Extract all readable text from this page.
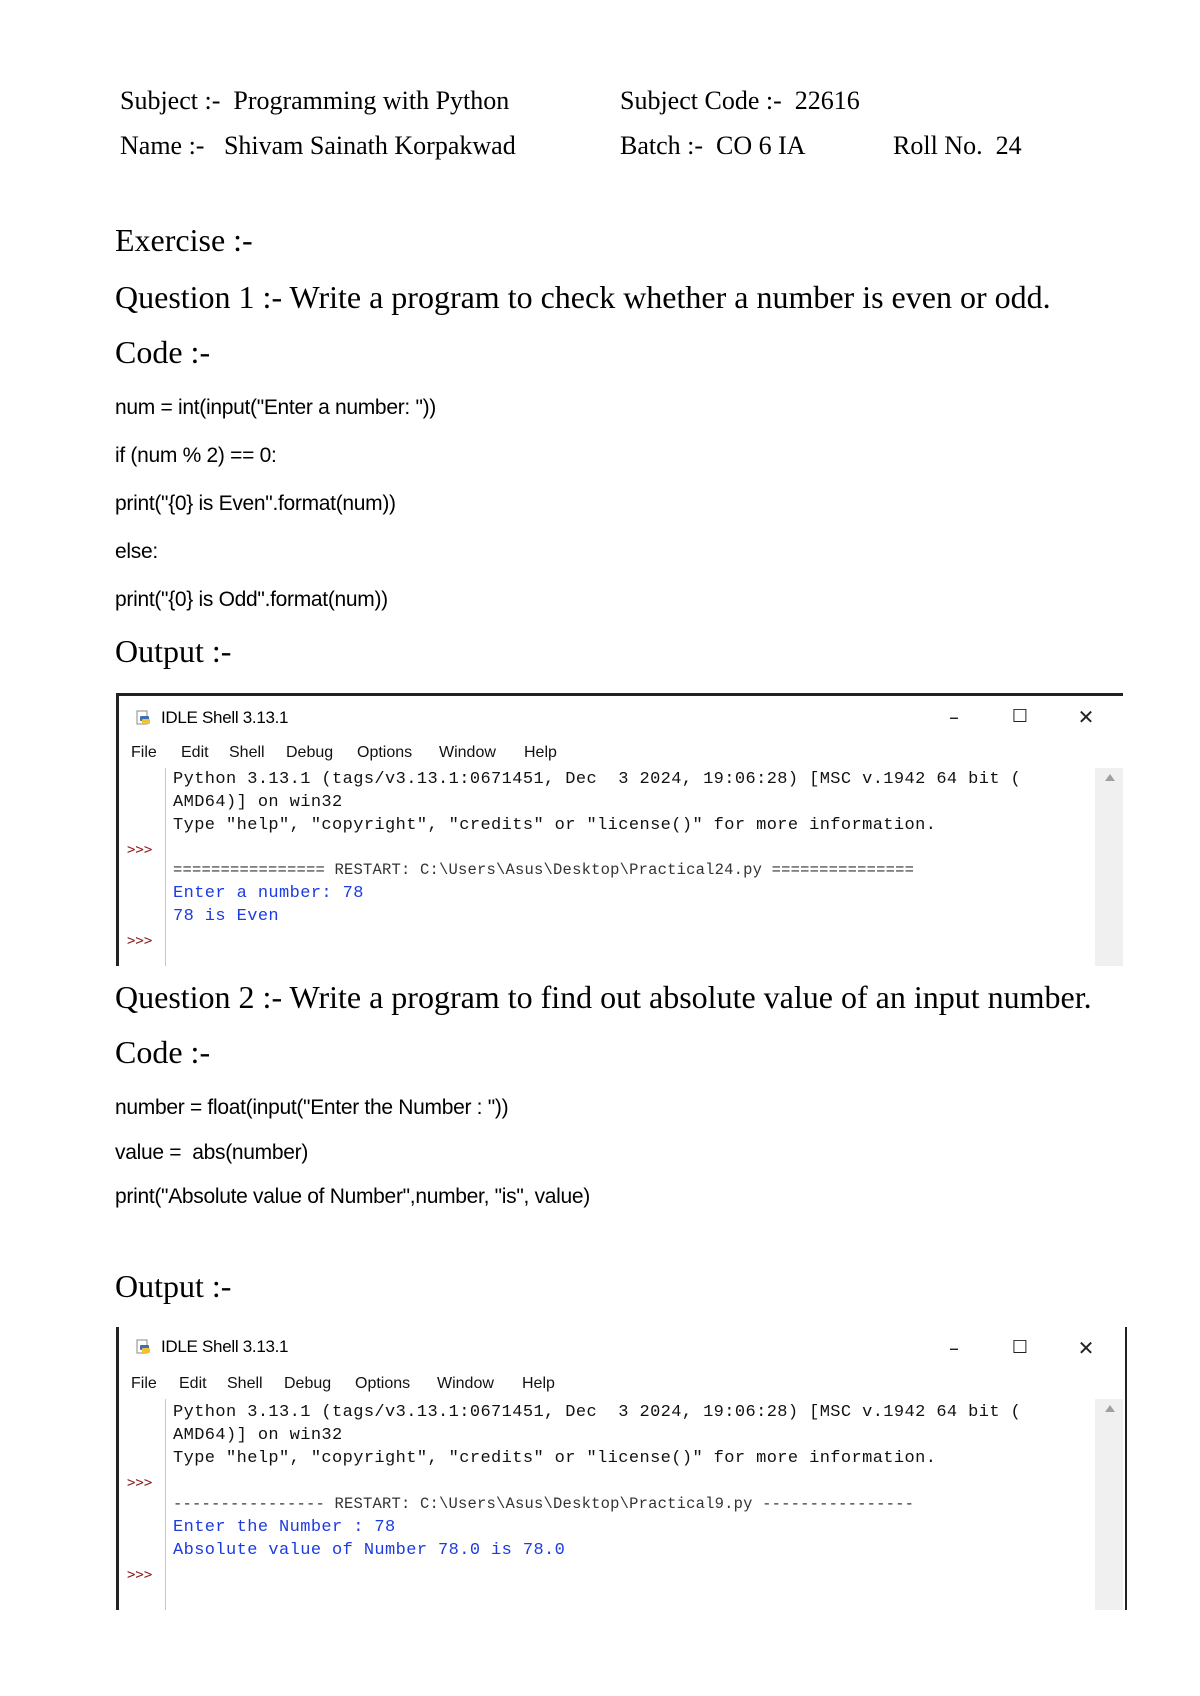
Subject :-  Programming with Python	Subject Code :-  22616
Name :-   Shivam Sainath Korpakwad	Batch :-  CO 6 IA	Roll No.  24
Exercise :-
Question 1 :- Write a program to check whether a number is even or odd.
Code :-
num = int(input("Enter a number: "))
if (num % 2) == 0:
print("{0} is Even".format(num))
else:
print("{0} is Odd".format(num))
Output :-
IDLE Shell 3.13.1	–	☐	✕
File Edit Shell Debug Options Window Help
>>>
>>>
Python 3.13.1 (tags/v3.13.1:0671451, Dec  3 2024, 19:06:28) [MSC v.1942 64 bit (
AMD64)] on win32
Type "help", "copyright", "credits" or "license()" for more information.
================ RESTART: C:\Users\Asus\Desktop\Practical24.py ===============
Enter a number: 78
78 is Even
Question 2 :- Write a program to find out absolute value of an input number.
Code :-
number = float(input("Enter the Number : "))
value =  abs(number)
print("Absolute value of Number",number, "is", value)
Output :-
IDLE Shell 3.13.1	–	☐	✕
File Edit Shell Debug Options Window Help
>>>
>>>
Python 3.13.1 (tags/v3.13.1:0671451, Dec  3 2024, 19:06:28) [MSC v.1942 64 bit (
AMD64)] on win32
Type "help", "copyright", "credits" or "license()" for more information.
---------------- RESTART: C:\Users\Asus\Desktop\Practical9.py ----------------
Enter the Number : 78
Absolute value of Number 78.0 is 78.0
